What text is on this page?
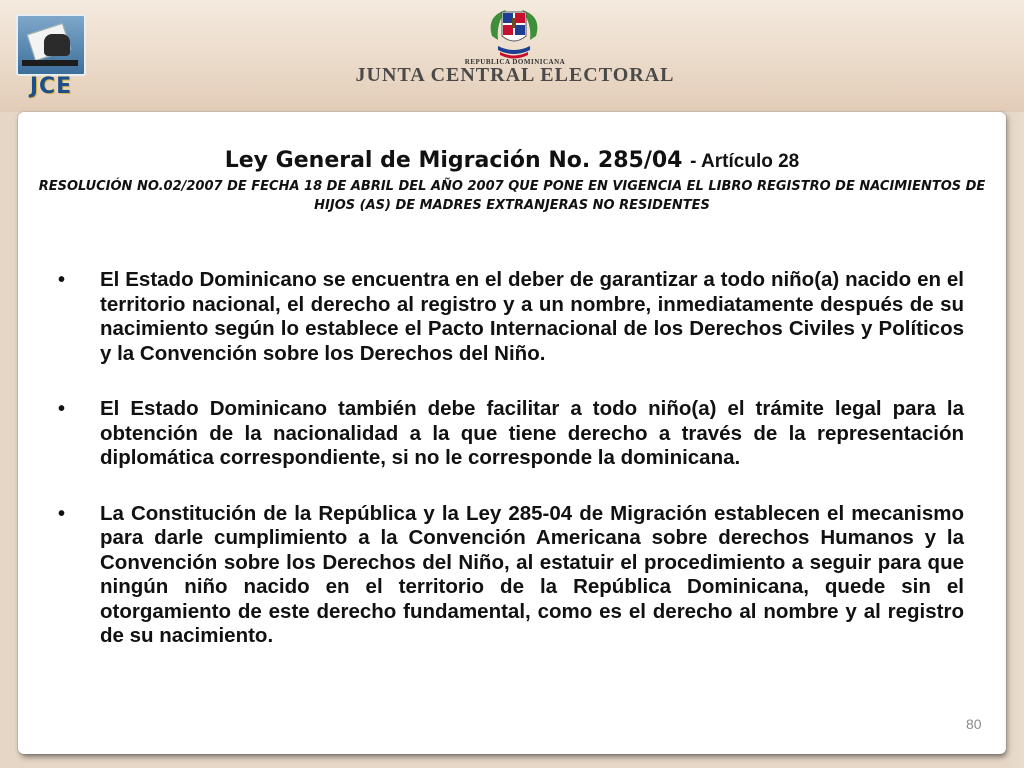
JCE
REPUBLICA DOMINICANA
JUNTA CENTRAL ELECTORAL
Ley General de Migración No. 285/04 - Artículo 28
RESOLUCIÓN NO.02/2007 DE FECHA 18 DE ABRIL DEL AÑO 2007 QUE PONE EN VIGENCIA EL LIBRO REGISTRO DE NACIMIENTOS DE HIJOS (AS) DE MADRES EXTRANJERAS NO RESIDENTES
• El Estado Dominicano se encuentra en el deber de garantizar a todo niño(a) nacido en el territorio nacional, el derecho al registro y a un nombre, inmediatamente después de su nacimiento según lo establece el Pacto Internacional de los Derechos Civiles y Políticos y la Convención sobre los Derechos del Niño.
• El Estado Dominicano también debe facilitar a todo niño(a) el trámite legal para la obtención de la nacionalidad a la que tiene derecho a través de la representación diplomática correspondiente, si no le corresponde la dominicana.
• La Constitución de la República y la Ley 285-04 de Migración establecen el mecanismo para darle cumplimiento a la Convención Americana sobre derechos Humanos y la Convención sobre los Derechos del Niño, al estatuir el procedimiento a seguir para que ningún niño nacido en el territorio de la República Dominicana, quede sin el otorgamiento de este derecho fundamental, como es el derecho al nombre y al registro de su nacimiento.
80
